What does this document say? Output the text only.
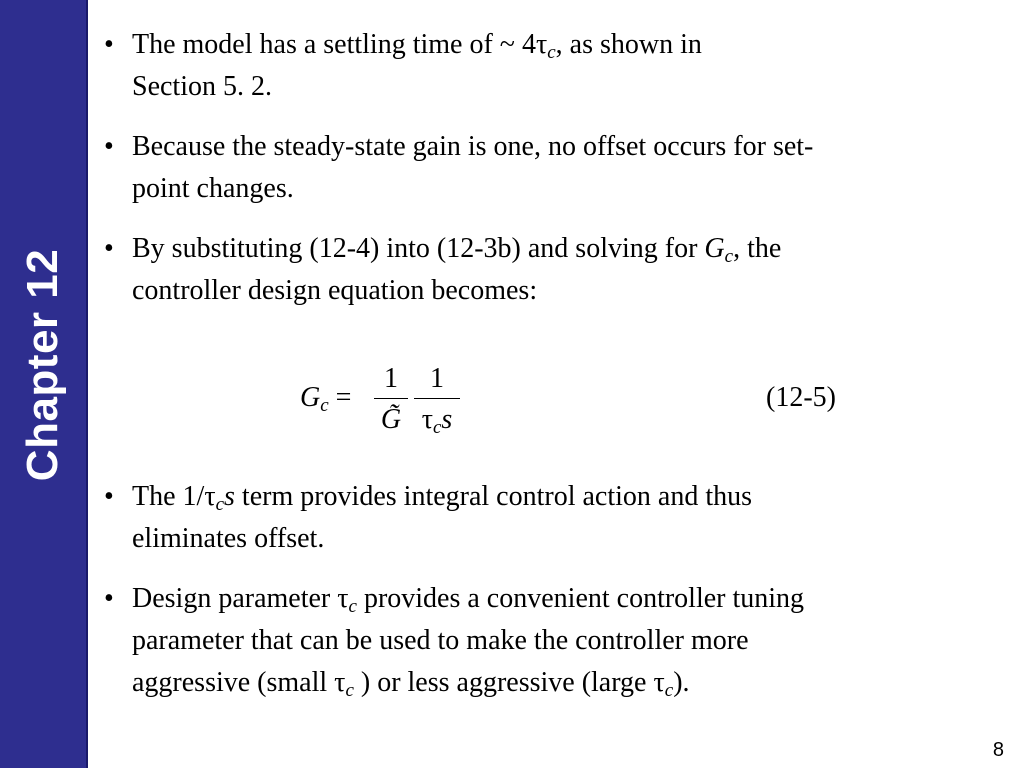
Chapter 12
• The model has a settling time of ~ $4\tau_c$, as shown in
Section 5. 2.
• Because the steady-state gain is one, no offset occurs for set-
point changes.
• By substituting (12-4) into (12-3b) and solving for $G_c$, the
controller design equation becomes:
• The $1/\tau_cs$ term provides integral control action and thus
eliminates offset.
• Design parameter $\tau_c$ provides a convenient controller tuning
parameter that can be used to make the controller more
aggressive (small $\tau_c$ ) or less aggressive (large $\tau_c$).
$G_c$ =
1
G̃
1
$\tau_cs$
(12-5)
8
